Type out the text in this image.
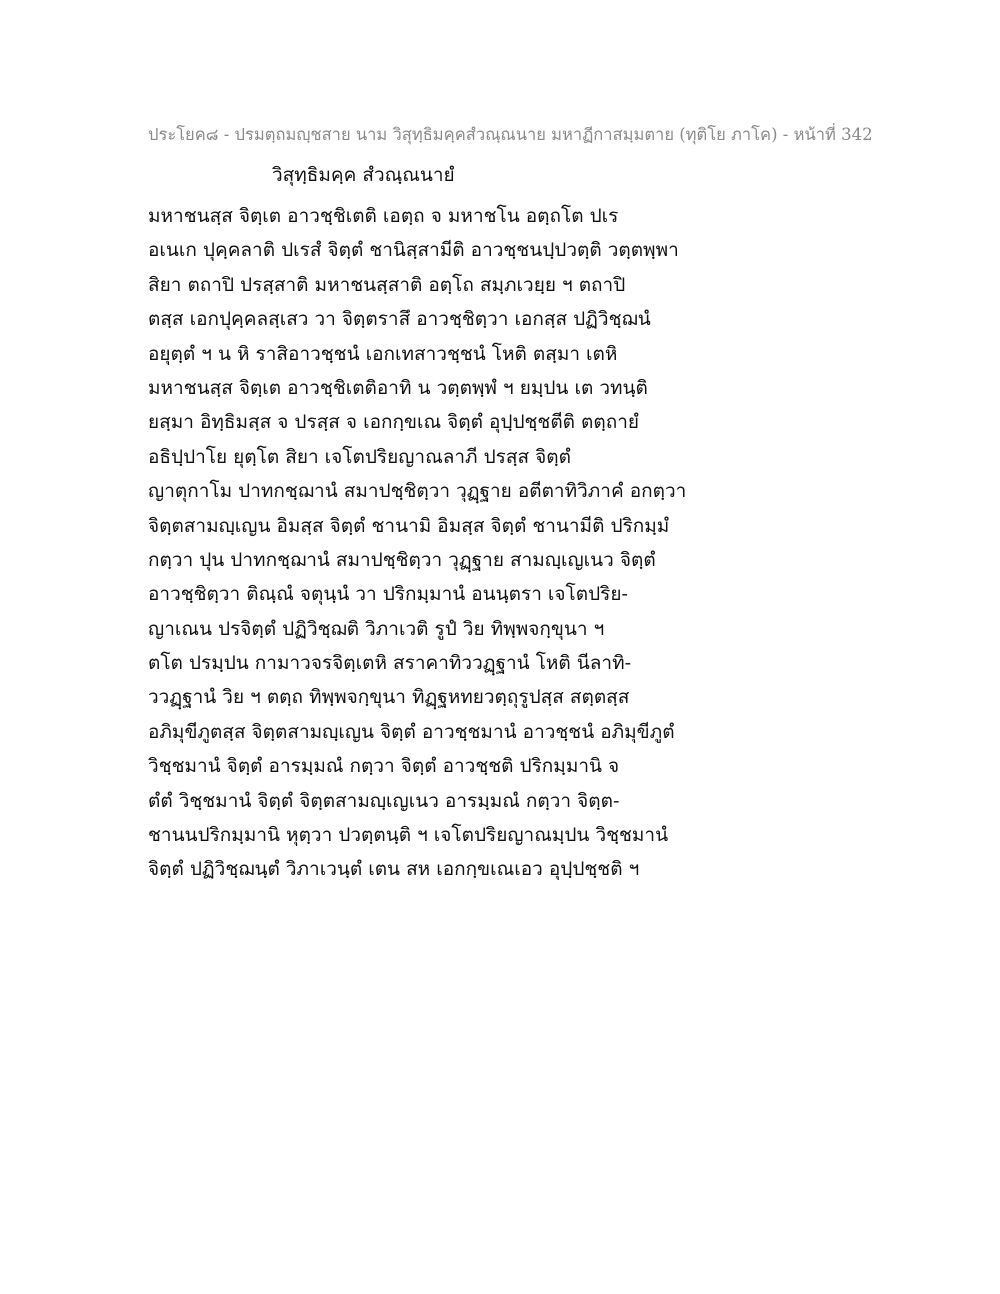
ประโยค๘ - ปรมตฺถมญฺชสาย นาม วิสุทฺธิมคฺคสํวณฺณนาย มหาฏีกาสมฺมตาย (ทุติโย ภาโค) - หน้าที่ 342
วิสุทฺธิมคฺค สํวณฺณนายํ
มหาชนสฺส จิตฺเต อาวชฺชิเตติ เอตฺถ จ มหาชโน อตฺถโต ปเร
อเนเก ปุคฺคลาติ ปเรสํ จิตฺตํ ชานิสฺสามีติ อาวชฺชนปฺปวตฺติ วตฺตพฺพา
สิยา ตถาปิ ปรสฺสาติ มหาชนสฺสาติ อตฺโถ สมฺภเวยฺย ฯ ตถาปิ
ตสฺส เอกปุคฺคลสฺเสว วา จิตฺตราสึ อาวชฺชิตฺวา เอกสฺส ปฏิวิชฺฌนํ
อยุตฺตํ ฯ น หิ ราสิอาวชฺชนํ เอกเทสาวชฺชนํ โหติ ตสฺมา เตหิ
มหาชนสฺส จิตฺเต อาวชฺชิเตติอาทิ น วตฺตพฺพํ ฯ ยมฺปน เต วทนฺติ
ยสฺมา อิทฺธิมสฺส จ ปรสฺส จ เอกกฺขเณ จิตฺตํ อุปฺปชฺชตีติ ตตฺถายํ
อธิปฺปาโย ยุตฺโต สิยา เจโตปริยญาณลาภี ปรสฺส จิตฺตํ
ญาตุกาโม ปาทกชฺฌานํ สมาปชฺชิตฺวา วุฏฺฐาย อตีตาทิวิภาคํ อกตฺวา
จิตฺตสามญฺเญน อิมสฺส จิตฺตํ ชานามิ อิมสฺส จิตฺตํ ชานามีติ ปริกมฺมํ
กตฺวา ปุน ปาทกชฺฌานํ สมาปชฺชิตฺวา วุฏฺฐาย สามญฺเญเนว จิตฺตํ
อาวชฺชิตฺวา ติณฺณํ จตุนฺนํ วา ปริกมฺมานํ อนนฺตรา เจโตปริย-
ญาเณน ปรจิตฺตํ ปฏิวิชฺฌติ วิภาเวติ รูปํ วิย ทิพฺพจกฺขุนา ฯ
ตโต ปรมฺปน กามาวจรจิตฺเตหิ สราคาทิววฏฺฐานํ โหติ นีลาทิ-
ววฏฺฐานํ วิย ฯ ตตฺถ ทิพฺพจกฺขุนา ทิฏฺฐหทยวตฺถุรูปสฺส สตฺตสฺส
อภิมุขีภูตสฺส จิตฺตสามญฺเญน จิตฺตํ อาวชฺชมานํ อาวชฺชนํ อภิมุขีภูตํ
วิชฺชมานํ จิตฺตํ อารมฺมณํ กตฺวา จิตฺตํ อาวชฺชติ ปริกมฺมานิ จ
ตํตํ วิชฺชมานํ จิตฺตํ จิตฺตสามญฺเญเนว อารมฺมณํ กตฺวา จิตฺต-
ชานนปริกมฺมานิ หุตฺวา ปวตฺตนฺติ ฯ เจโตปริยญาณมฺปน วิชฺชมานํ
จิตฺตํ ปฏิวิชฺฌนฺตํ วิภาเวนฺตํ เตน สห เอกกฺขเณเอว อุปฺปชฺชติ ฯ
